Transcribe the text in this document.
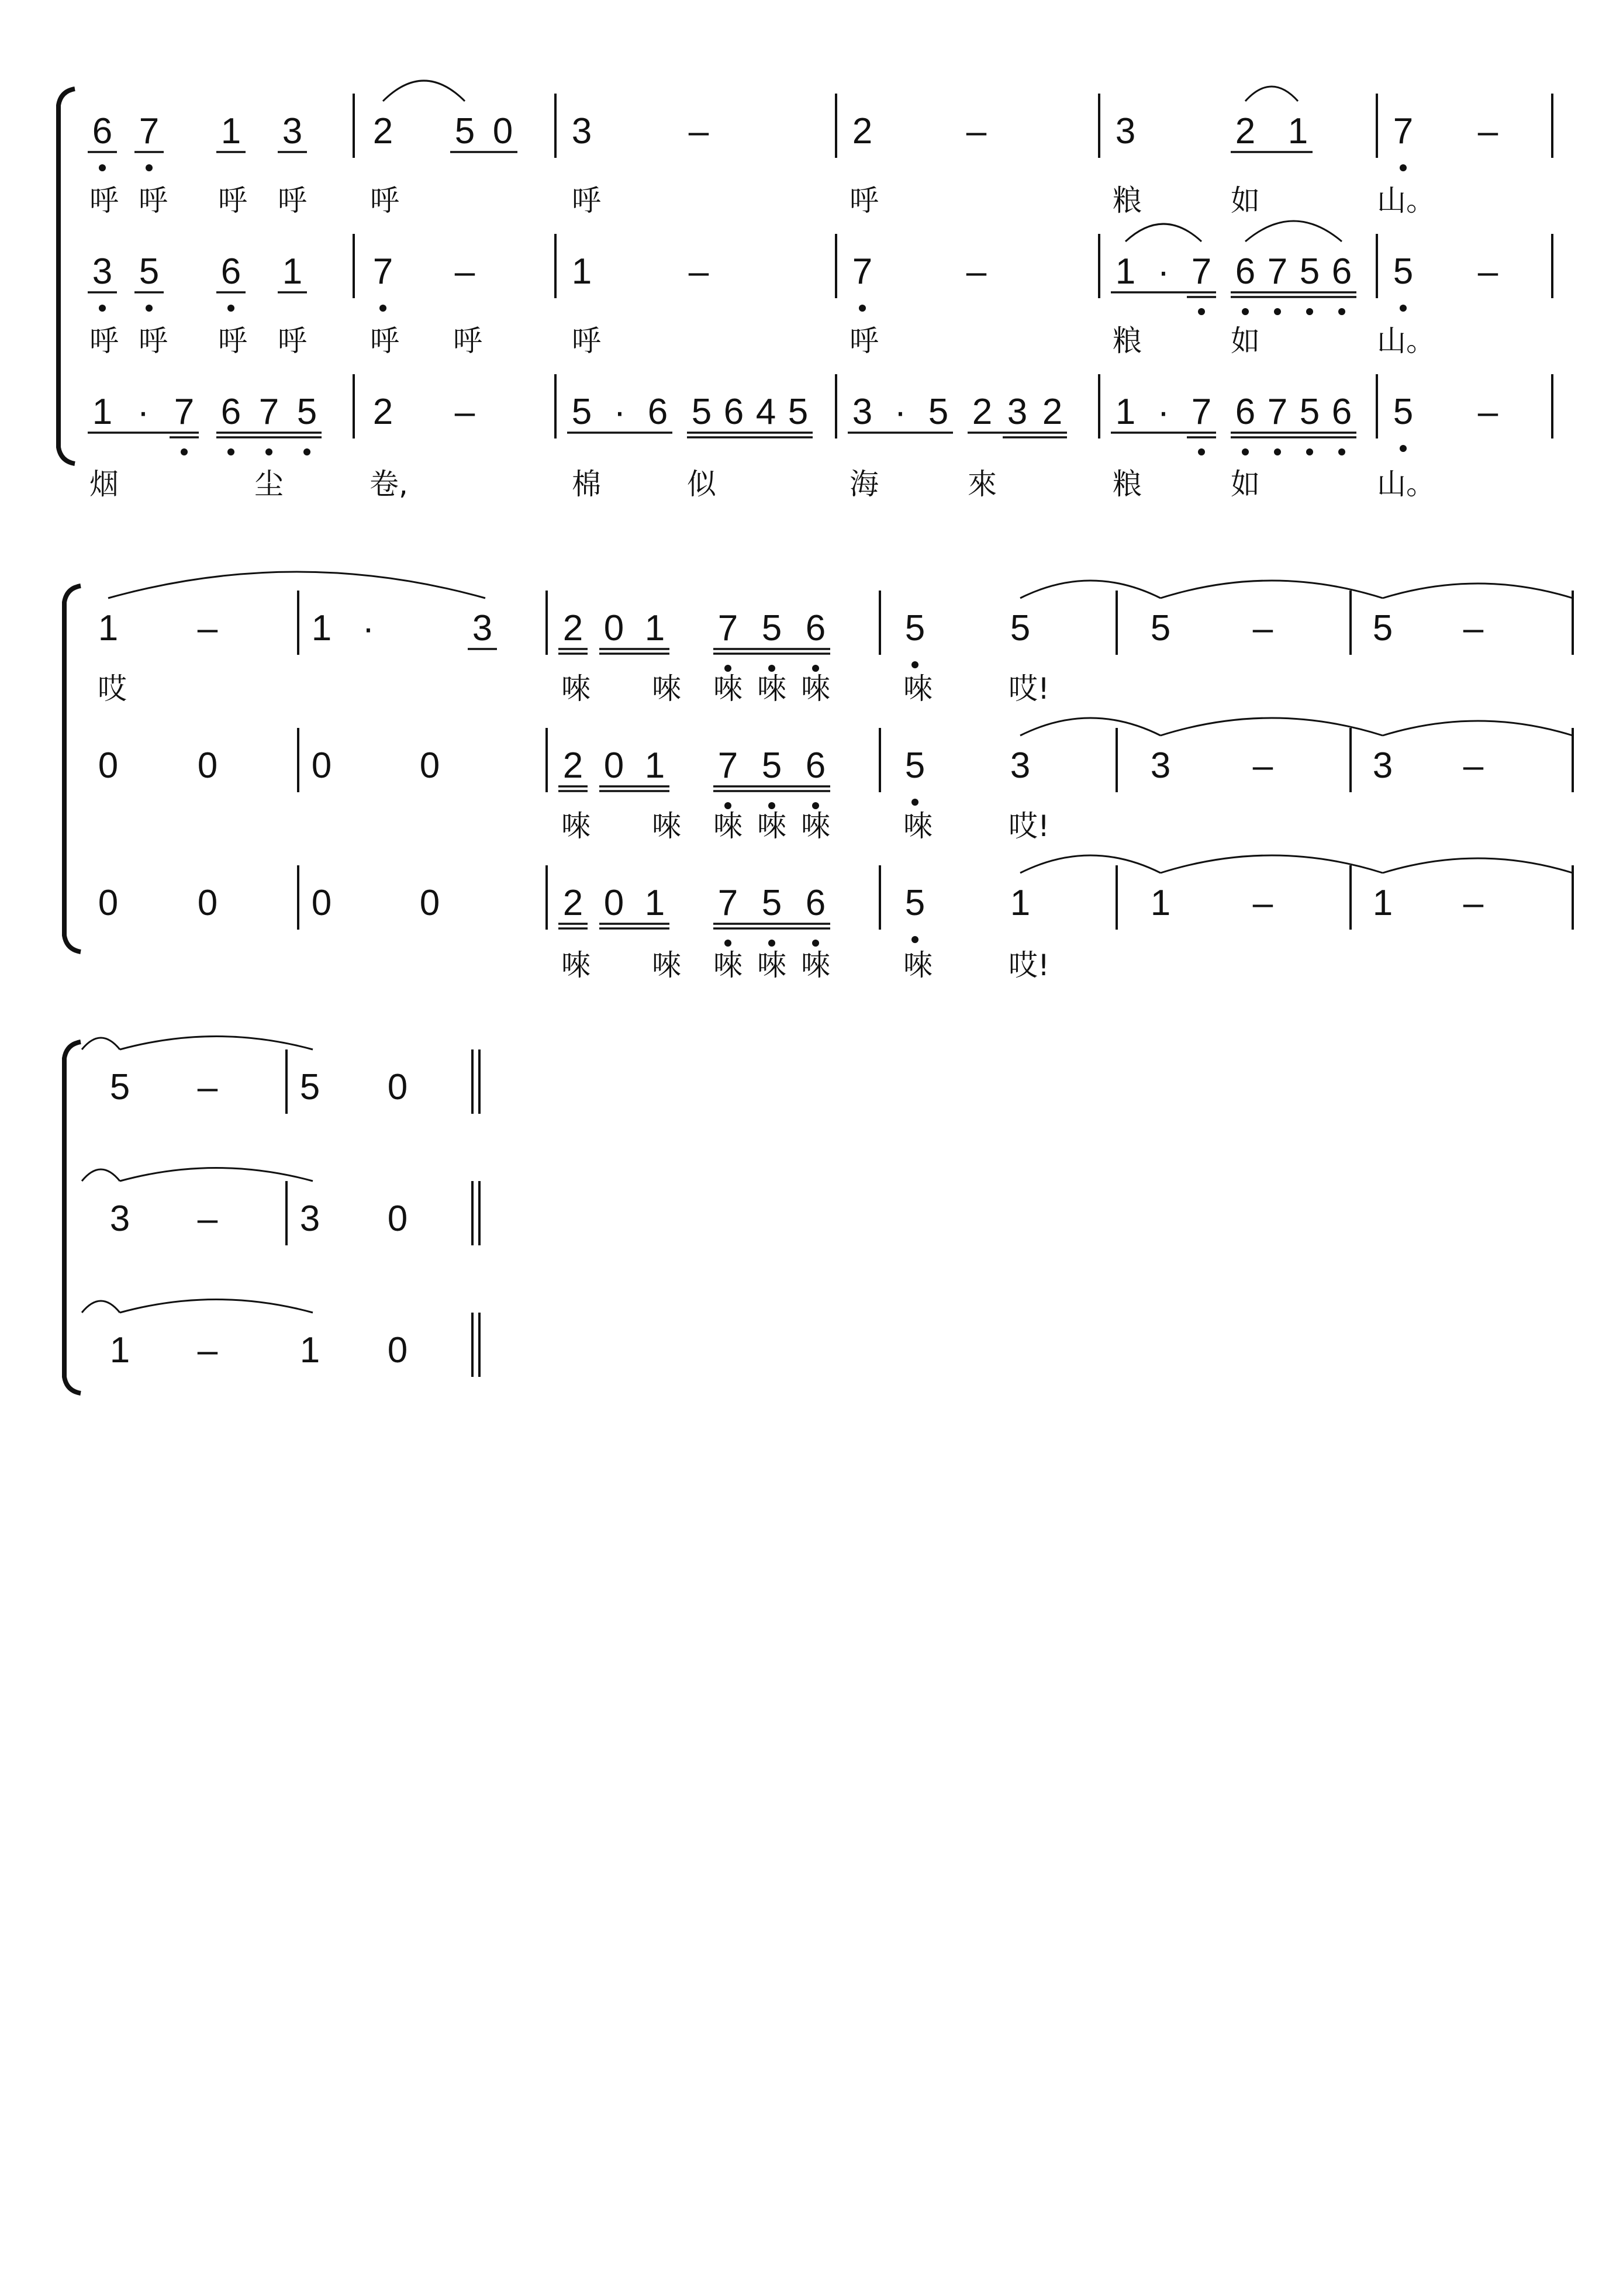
6 7 1 3 2 5 0 3	–	2	–	3	2 1 7 –
呼 呼 呼 呼 呼	呼	呼	粮	如	山。
3 5 6 1 7 –	1	–	7	–	1 · 7 6 7 5 6 5 –
呼 呼 呼 呼 呼 呼	呼	呼	粮	如	山。
1 · 7 6 7 5 2 –	5 · 6 5 6 4 5 3 · 5 2 3 2 1 · 7 6 7 5 6 5 –
烟	尘	卷,	棉	似	海	來	粮	如	山。
1 –	1 ·	3 2 0 1 7 5 6 5 5	5 –	5 –
哎	唻 唻 唻 唻 唻	唻	哎!
0 0	0 0	2 0 1 7 5 6 5 3	3 –	3 –
唻 唻 唻 唻 唻	唻	哎!
0 0	0 0	2 0 1 7 5 6 5 1	1 –	1 –
唻 唻 唻 唻 唻	唻	哎!
5 – 5 0
3 – 3 0
1 – 1 0
